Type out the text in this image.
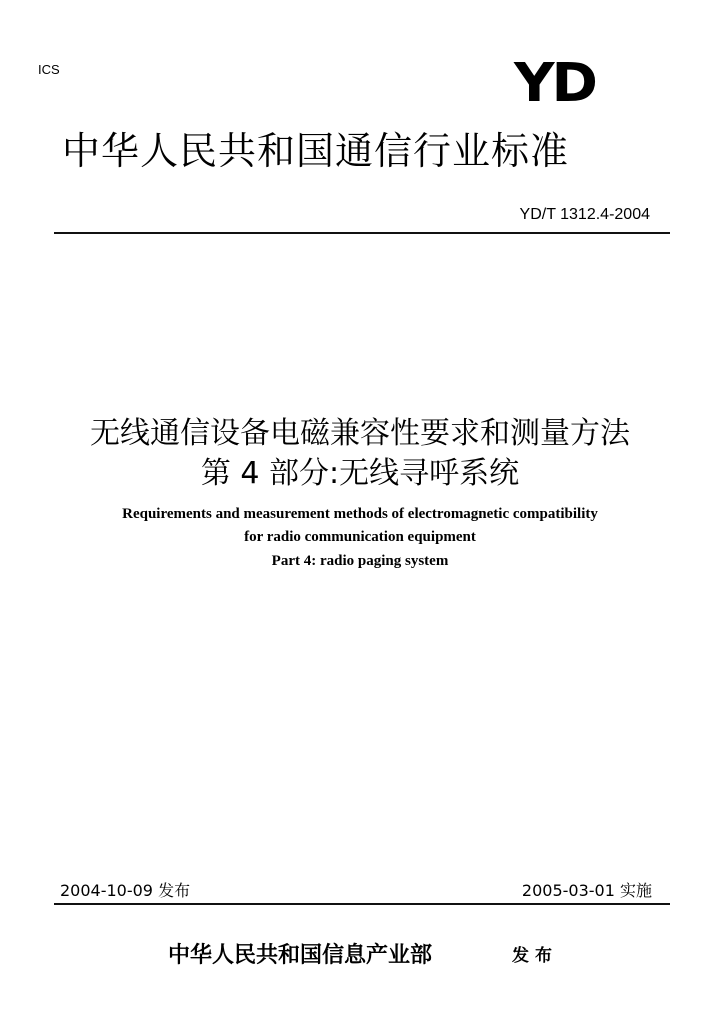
ICS	YD
中华人民共和国通信行业标准
YD/T 1312.4-2004
无线通信设备电磁兼容性要求和测量方法
第 4 部分:无线寻呼系统
Requirements and measurement methods of electromagnetic compatibility
for radio communication equipment
Part 4: radio paging system
2004-10-09 发布	2005-03-01 实施
中华人民共和国信息产业部	发布
